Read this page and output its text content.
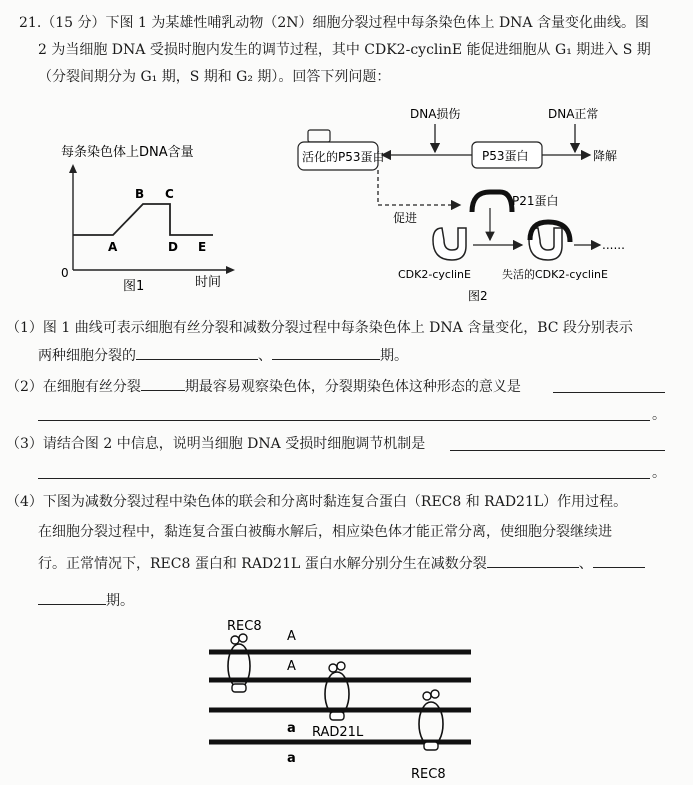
21.（15 分）下图 1 为某雄性哺乳动物（2N）细胞分裂过程中每条染色体上 DNA 含量变化曲线。图
2 为当细胞 DNA 受损时胞内发生的调节过程，其中 CDK2-cyclinE 能促进细胞从 G₁ 期进入 S 期
（分裂间期分为 G₁ 期，S 期和 G₂ 期）。回答下列问题：
每条染色体上DNA含量
A
B C
D E
0
图1	时间
DNA损伤	DNA正常
活化的P53蛋白	P53蛋白	降解
促进
P21蛋白
CDK2-cyclinE
......
失活的CDK2-cyclinE
图2
（1）图 1 曲线可表示细胞有丝分裂和减数分裂过程中每条染色体上 DNA 含量变化，BC 段分别表示
两种细胞分裂的	、	期。
（2）在细胞有丝分裂	期最容易观察染色体，分裂期染色体这种形态的意义是
。
（3）请结合图 2 中信息，说明当细胞 DNA 受损时细胞调节机制是
。
（4）下图为减数分裂过程中染色体的联会和分离时黏连复合蛋白（REC8 和 RAD21L）作用过程。
在细胞分裂过程中，黏连复合蛋白被酶水解后，相应染色体才能正常分离，使细胞分裂继续进
行。正常情况下，REC8 蛋白和 RAD21L 蛋白水解分别分生在减数分裂	、
期。
REC8
A
A
a
a
RAD21L
REC8
